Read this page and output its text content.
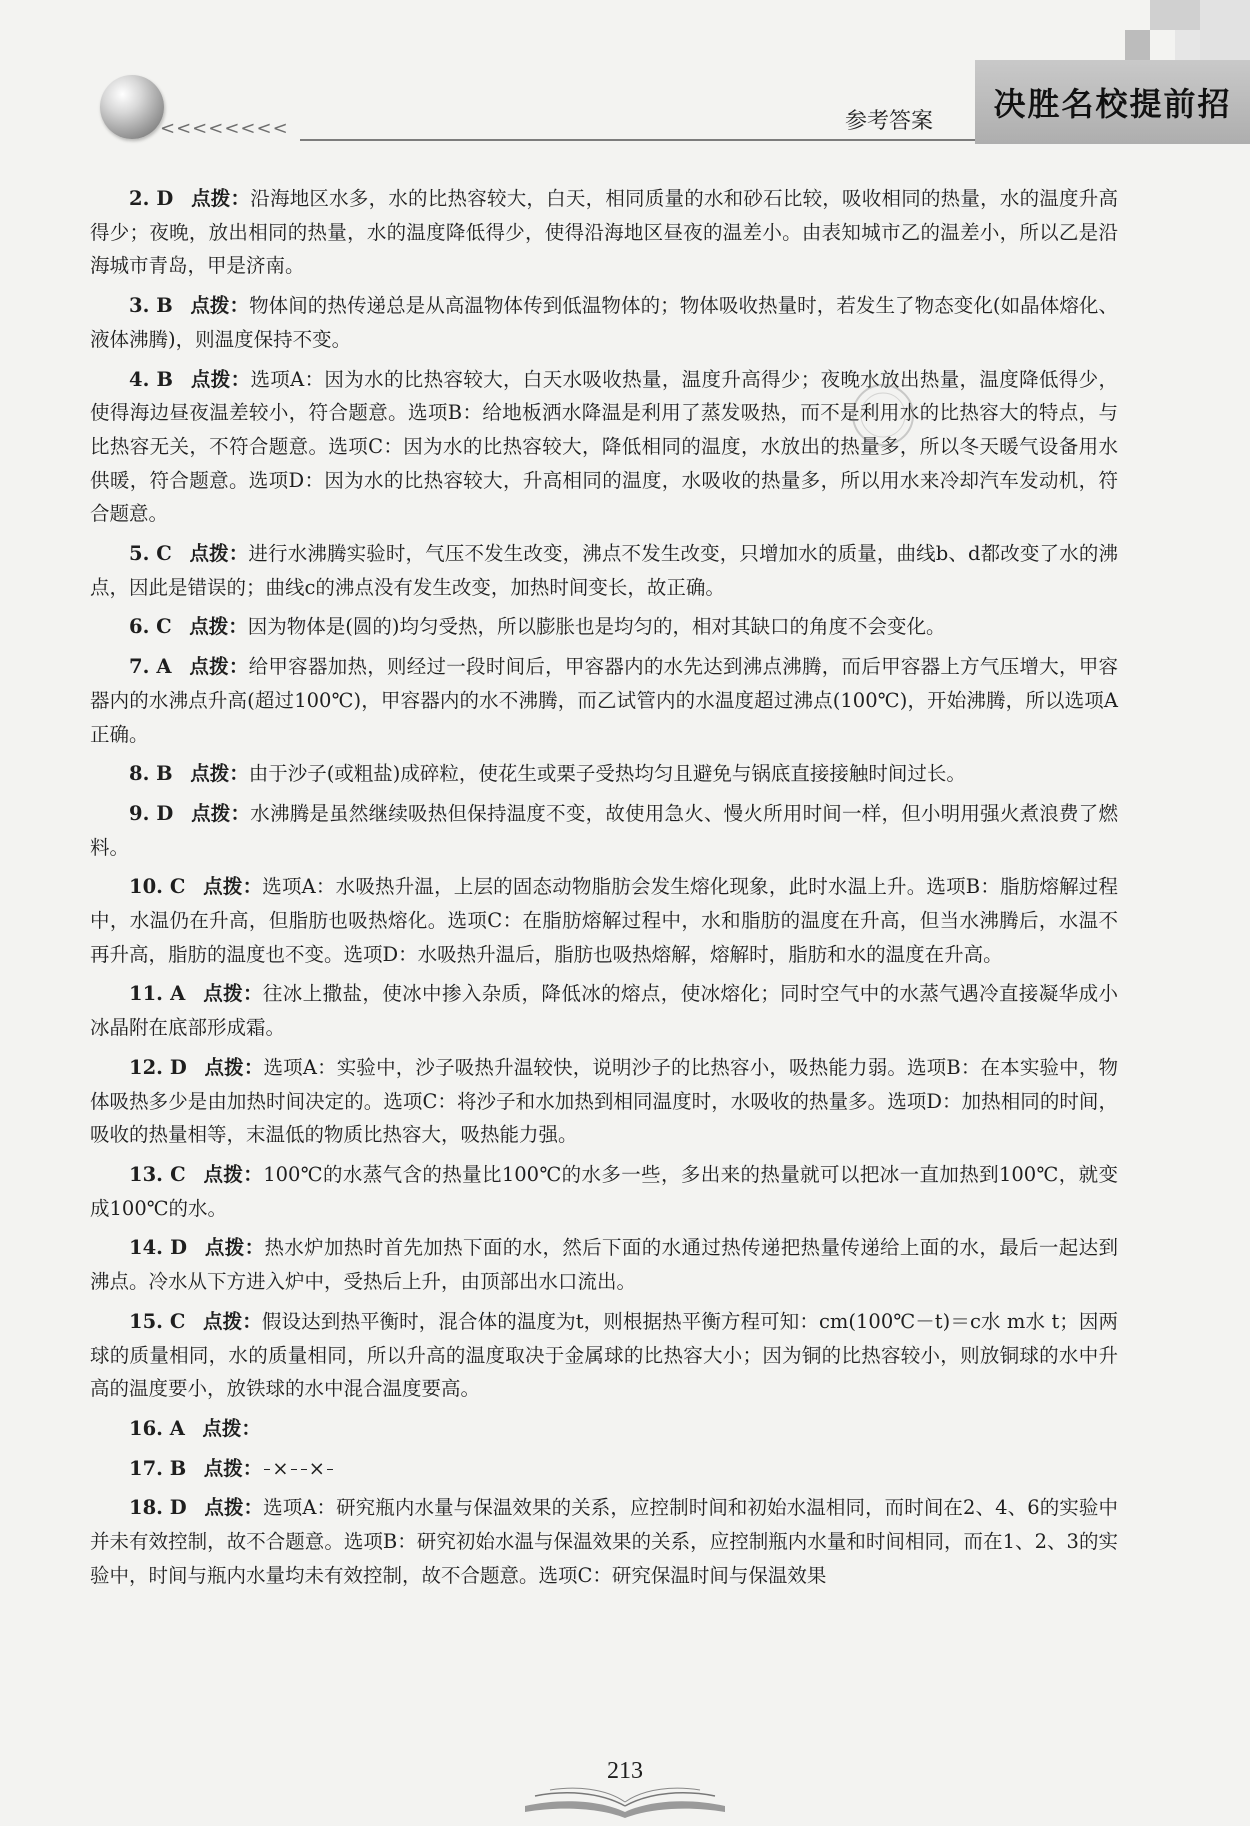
<<<<<<<<	参考答案 决胜名校提前招

2. D 点拨：沿海地区水多，水的比热容较大，白天，相同质量的水和砂石比较，吸收相同的热量，水的温度升高得少；夜晚，放出相同的热量，水的温度降低得少，使得沿海地区昼夜的温差小。由表知城市乙的温差小，所以乙是沿海城市青岛，甲是济南。

3. B 点拨：物体间的热传递总是从高温物体传到低温物体的；物体吸收热量时，若发生了物态变化(如晶体熔化、液体沸腾)，则温度保持不变。

4. B 点拨：选项A：因为水的比热容较大，白天水吸收热量，温度升高得少；夜晚水放出热量，温度降低得少，使得海边昼夜温差较小，符合题意。选项B：给地板洒水降温是利用了蒸发吸热，而不是利用水的比热容大的特点，与比热容无关，不符合题意。选项C：因为水的比热容较大，降低相同的温度，水放出的热量多，所以冬天暖气设备用水供暖，符合题意。选项D：因为水的比热容较大，升高相同的温度，水吸收的热量多，所以用水来冷却汽车发动机，符合题意。

5. C 点拨：进行水沸腾实验时，气压不发生改变，沸点不发生改变，只增加水的质量，曲线b、d都改变了水的沸点，因此是错误的；曲线c的沸点没有发生改变，加热时间变长，故正确。

6. C 点拨：因为物体是(圆的)均匀受热，所以膨胀也是均匀的，相对其缺口的角度不会变化。

7. A 点拨：给甲容器加热，则经过一段时间后，甲容器内的水先达到沸点沸腾，而后甲容器上方气压增大，甲容器内的水沸点升高(超过100℃)，甲容器内的水不沸腾，而乙试管内的水温度超过沸点(100℃)，开始沸腾，所以选项A正确。

8. B 点拨：由于沙子(或粗盐)成碎粒，使花生或栗子受热均匀且避免与锅底直接接触时间过长。

9. D 点拨：水沸腾是虽然继续吸热但保持温度不变，故使用急火、慢火所用时间一样，但小明用强火煮浪费了燃料。

10. C 点拨：选项A：水吸热升温，上层的固态动物脂肪会发生熔化现象，此时水温上升。选项B：脂肪熔解过程中，水温仍在升高，但脂肪也吸热熔化。选项C：在脂肪熔解过程中，水和脂肪的温度在升高，但当水沸腾后，水温不再升高，脂肪的温度也不变。选项D：水吸热升温后，脂肪也吸热熔解，熔解时，脂肪和水的温度在升高。

11. A 点拨：往冰上撒盐，使冰中掺入杂质，降低冰的熔点，使冰熔化；同时空气中的水蒸气遇冷直接凝华成小冰晶附在底部形成霜。

12. D 点拨：选项A：实验中，沙子吸热升温较快，说明沙子的比热容小，吸热能力弱。选项B：在本实验中，物体吸热多少是由加热时间决定的。选项C：将沙子和水加热到相同温度时，水吸收的热量多。选项D：加热相同的时间，吸收的热量相等，末温低的物质比热容大，吸热能力强。

13. C 点拨：100℃的水蒸气含的热量比100℃的水多一些，多出来的热量就可以把冰一直加热到100℃，就变成100℃的水。

14. D 点拨：热水炉加热时首先加热下面的水，然后下面的水通过热传递把热量传递给上面的水，最后一起达到沸点。冷水从下方进入炉中，受热后上升，由顶部出水口流出。

15. C 点拨：假设达到热平衡时，混合体的温度为t，则根据热平衡方程可知：cm(100℃－t)＝c水 m水 t；因两球的质量相同，水的质量相同，所以升高的温度取决于金属球的比热容大小；因为铜的比热容较小，则放铜球的水中升高的温度要小，放铁球的水中混合温度要高。

16. A 点拨：

17. B 点拨： × ×

18. D 点拨：选项A：研究瓶内水量与保温效果的关系，应控制时间和初始水温相同，而时间在2、4、6的实验中并未有效控制，故不合题意。选项B：研究初始水温与保温效果的关系，应控制瓶内水量和时间相同，而在1、2、3的实验中，时间与瓶内水量均未有效控制，故不合题意。选项C：研究保温时间与保温效果

213
